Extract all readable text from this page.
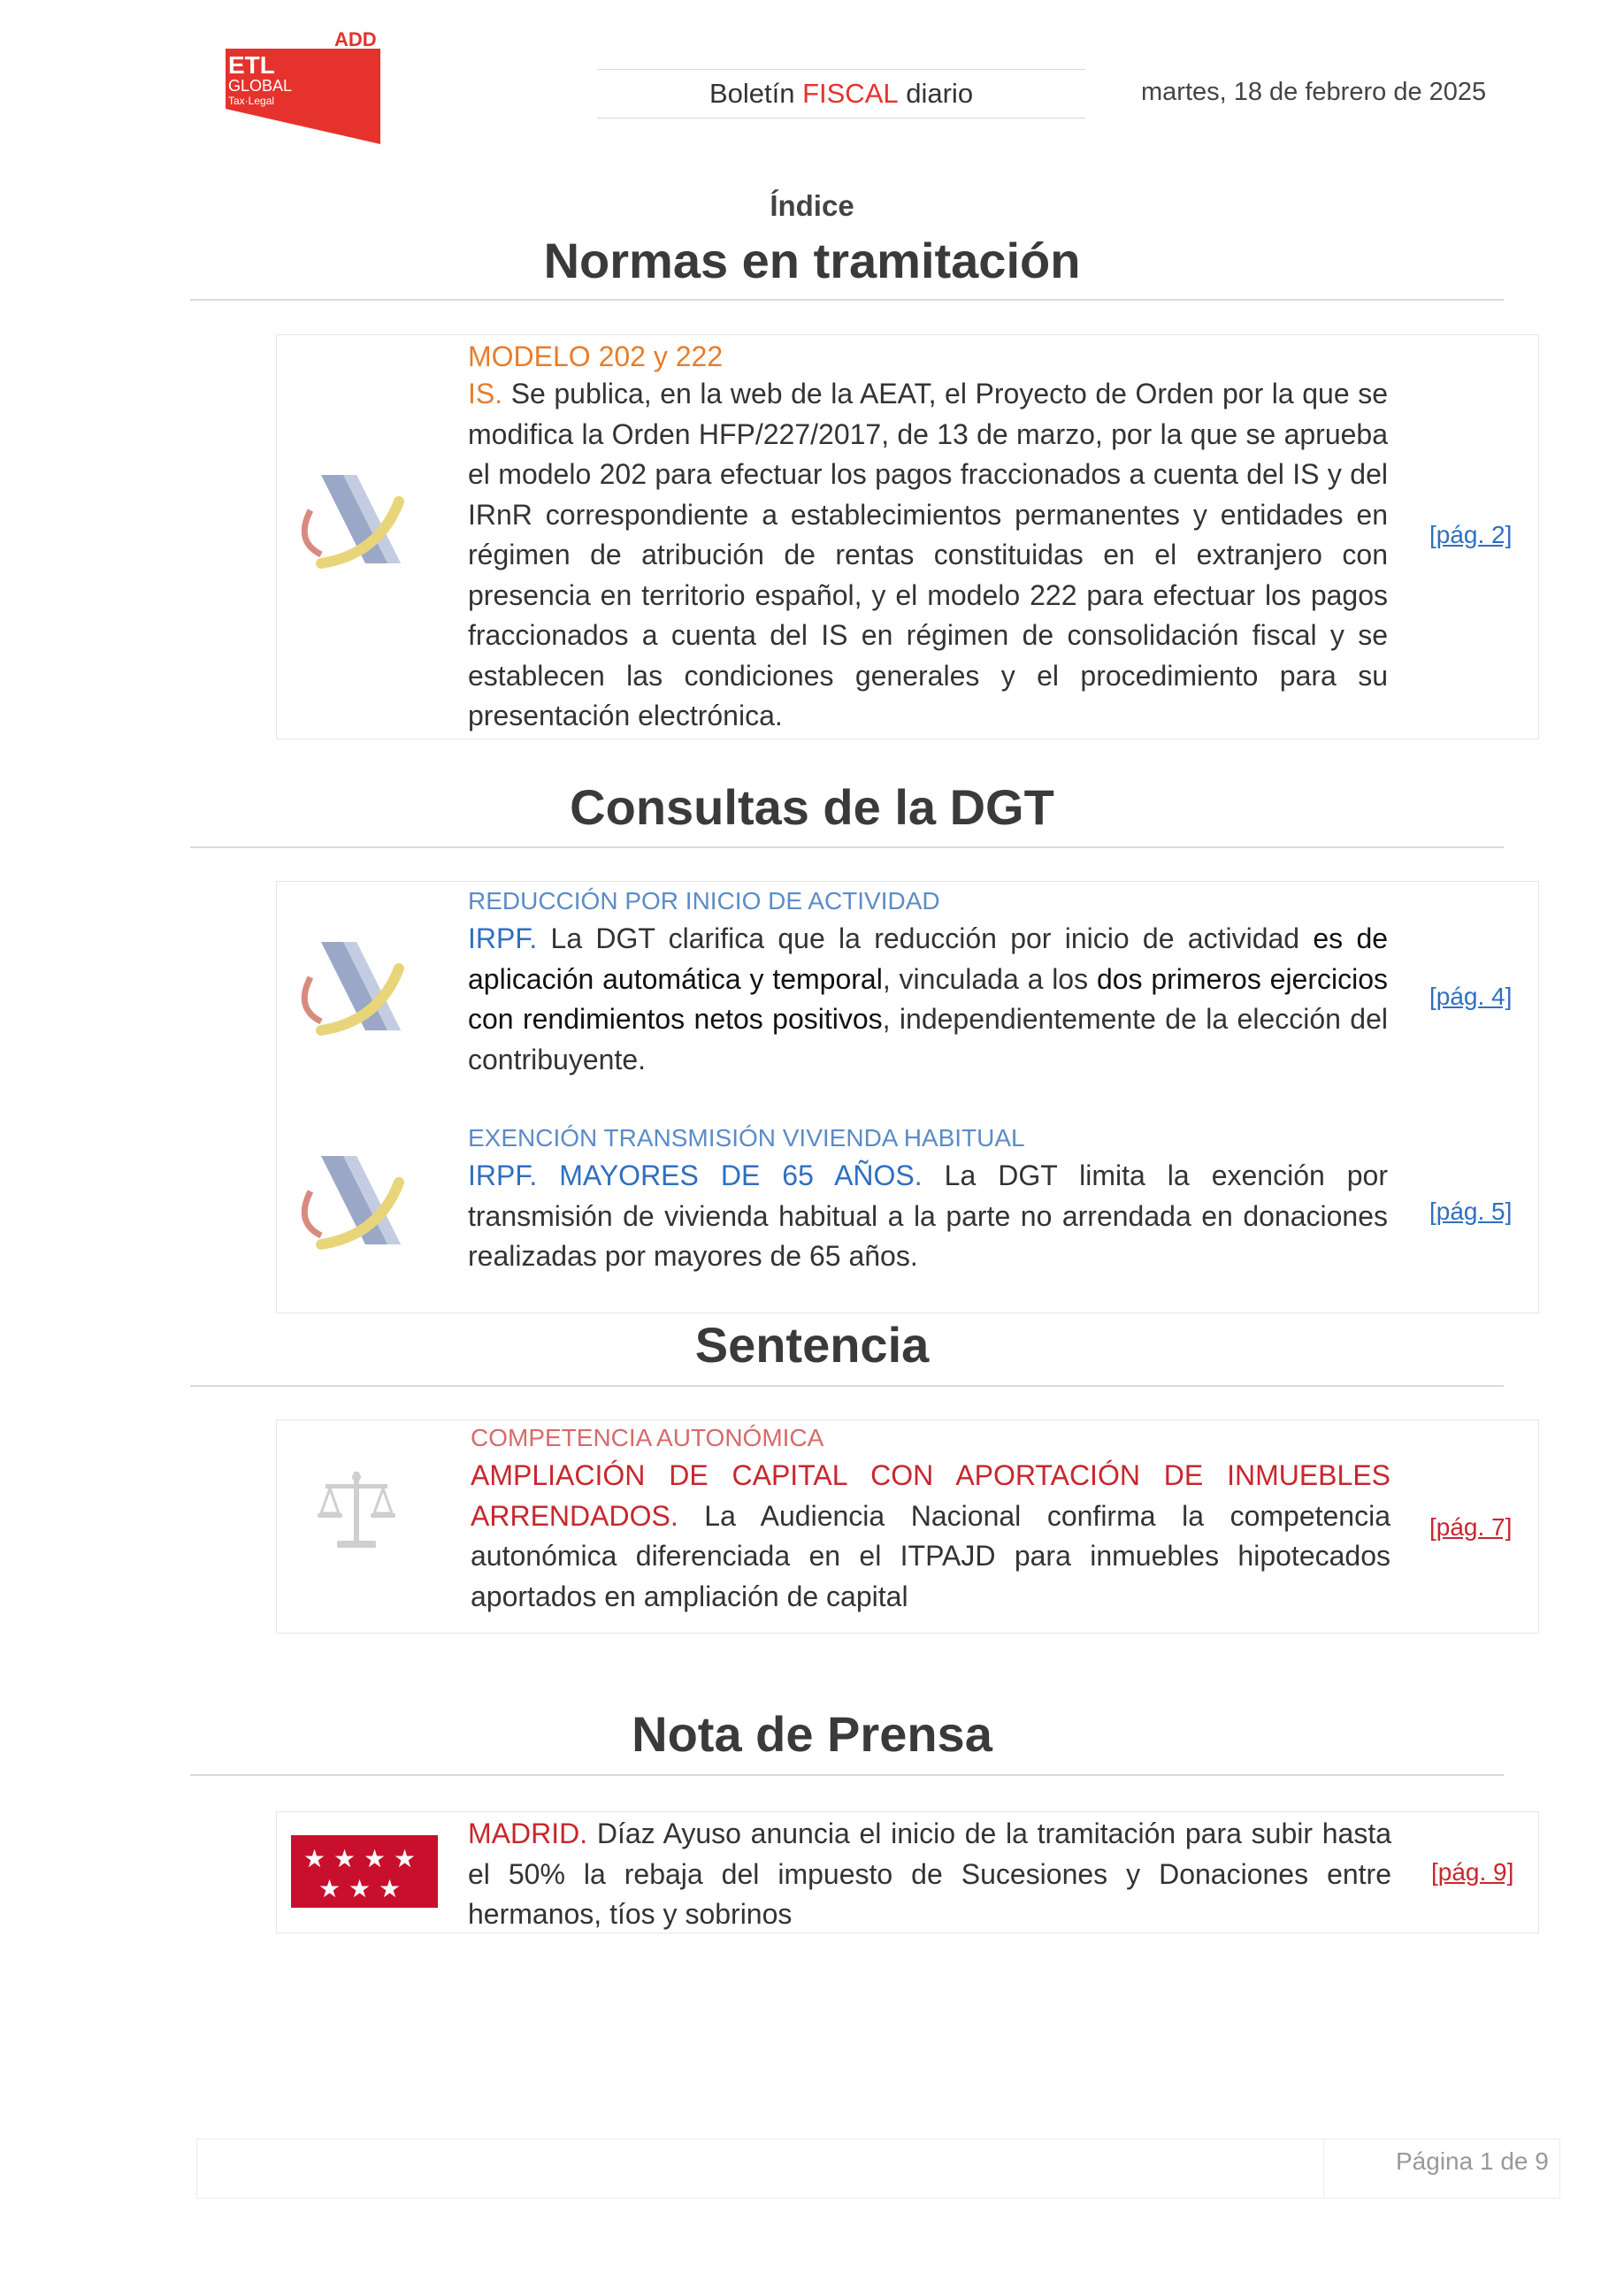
ADD
ETL
GLOBAL
Tax·Legal	Boletín
FISCAL
diario	martes, 18 de febrero de 2025
Índice
Normas en tramitación
MODELO 202 y 222
IS. Se publica, en la web de la AEAT, el Proyecto de Orden por la que se modifica la Orden HFP/227/2017, de 13 de marzo, por la que se aprueba el modelo 202 para efectuar los pagos fraccionados a cuenta del IS y del IRnR correspondiente a establecimientos permanentes y entidades en régimen de atribución de rentas constituidas en el extranjero con presencia en territorio español, y el modelo 222 para efectuar los pagos fraccionados a cuenta del IS en régimen de consolidación fiscal y se establecen las condiciones generales y el procedimiento para su presentación electrónica.
[pág. 2]
Consultas de la DGT
REDUCCIÓN POR INICIO DE ACTIVIDAD
IRPF. La DGT clarifica que la reducción por inicio de actividad es de aplicación automática y temporal, vinculada a los dos primeros ejercicios con rendimientos netos positivos, independientemente de la elección del contribuyente.
[pág. 4]
EXENCIÓN TRANSMISIÓN VIVIENDA HABITUAL
IRPF. MAYORES DE 65 AÑOS. La DGT limita la exención por transmisión de vivienda habitual a la parte no arrendada en donaciones realizadas por mayores de 65 años.
[pág. 5]
Sentencia
COMPETENCIA AUTONÓMICA
AMPLIACIÓN DE CAPITAL CON APORTACIÓN DE INMUEBLES ARRENDADOS. La Audiencia Nacional confirma la competencia autonómica diferenciada en el ITPAJD para inmuebles hipotecados aportados en ampliación de capital
[pág. 7]
Nota de Prensa
★ ★ ★ ★
★ ★ ★
MADRID. Díaz Ayuso anuncia el inicio de la tramitación para subir hasta el 50% la rebaja del impuesto de Sucesiones y Donaciones entre hermanos, tíos y sobrinos
[pág. 9]
Página 1 de 9
